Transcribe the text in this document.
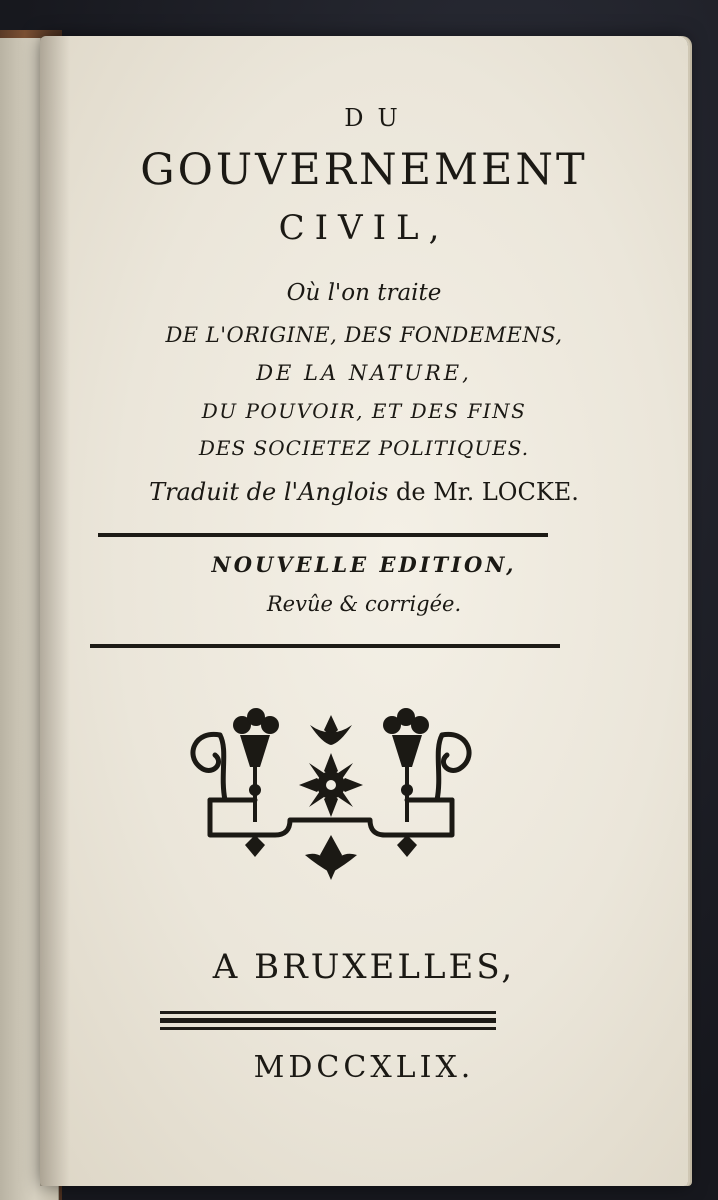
DU
GOUVERNEMENT
CIVIL,
Où l'on traite
DE L'ORIGINE, DES FONDEMENS,
DE LA NATURE,
DU POUVOIR, ET DES FINS
DES SOCIETEZ POLITIQUES.
Traduit de l'Anglois de Mr. LOCKE.
NOUVELLE EDITION,
Revûe & corrigée.
A BRUXELLES,
MDCCXLIX.
